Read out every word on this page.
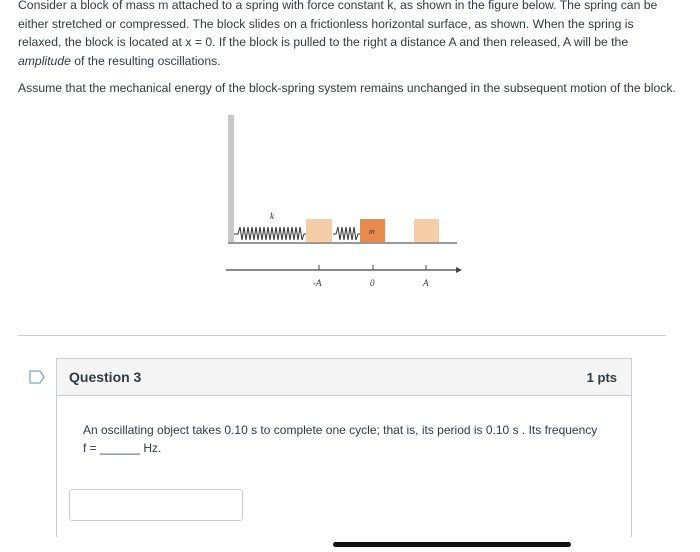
Consider a block of mass m attached to a spring with force constant k, as shown in the figure below. The spring can be either stretched or compressed. The block slides on a frictionless horizontal surface, as shown. When the spring is relaxed, the block is located at x = 0. If the block is pulled to the right a distance A and then released, A will be the amplitude of the resulting oscillations.

Assume that the mechanical energy of the block-spring system remains unchanged in the subsequent motion of the block.

k
m
-A	0	A
Question 3	1 pts
An oscillating object takes 0.10 s to complete one cycle; that is, its period is 0.10 s . Its frequency
f = ______ Hz.
